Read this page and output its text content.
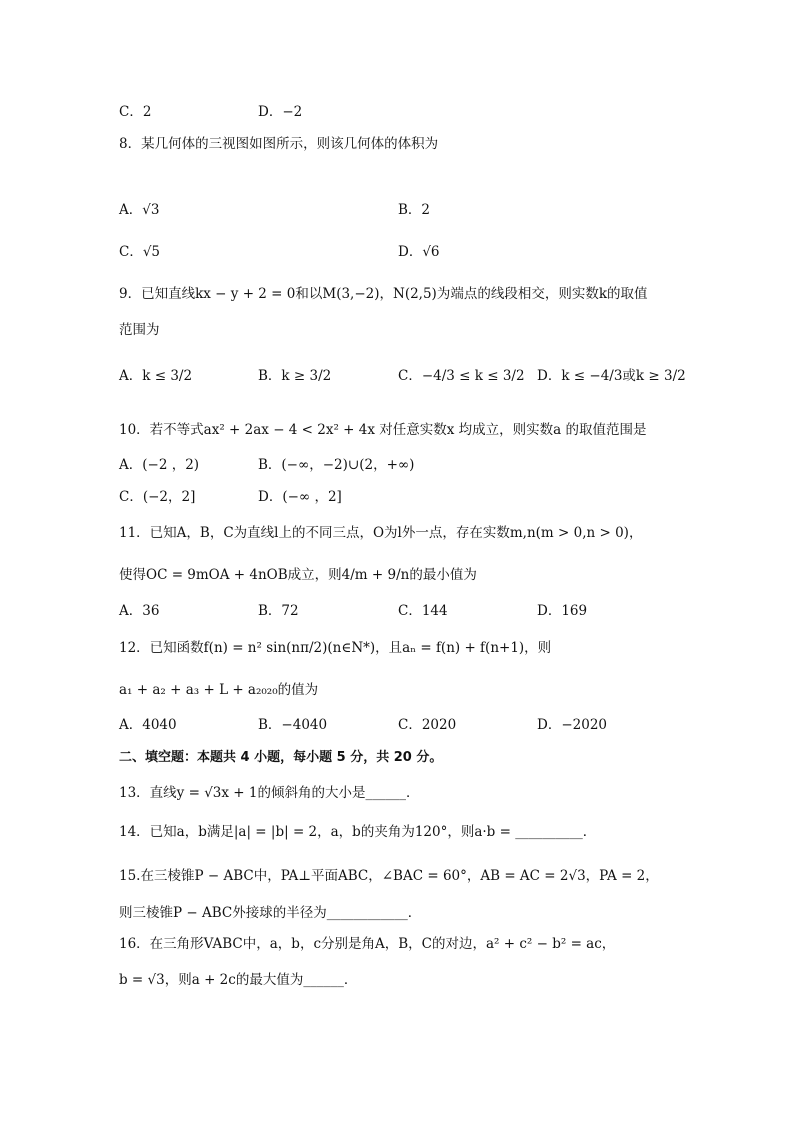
C．2	D．−2
8．某几何体的三视图如图所示，则该几何体的体积为
A．√3	B．2
C．√5	D．√6
9．已知直线kx − y + 2 = 0和以M(3,−2)，N(2,5)为端点的线段相交，则实数k的取值
范围为
A．k ≤ 3/2	B．k ≥ 3/2	C．−4/3 ≤ k ≤ 3/2 D．k ≤ −4/3或k ≥ 3/2
10．若不等式ax² + 2ax − 4 < 2x² + 4x 对任意实数x 均成立，则实数a 的取值范围是
A．(−2 ，2)	B．(−∞，−2)∪(2，+∞)
C．(−2，2]	D．(−∞ ，2]
11．已知A，B，C为直线l上的不同三点，O为l外一点，存在实数m,n(m > 0,n > 0)，
使得OC = 9mOA + 4nOB成立，则4/m + 9/n的最小值为
A．36	B．72	C．144	D．169
12．已知函数f(n) = n² sin(nπ/2)(n∈N*)，且aₙ = f(n) + f(n+1)，则
a₁ + a₂ + a₃ + L + a₂₀₂₀的值为
A．4040	B．−4040	C．2020	D．−2020
二、填空题：本题共 4 小题，每小题 5 分，共 20 分。
13．直线y = √3x + 1的倾斜角的大小是______．
14．已知a，b满足|a| = |b| = 2，a，b的夹角为120°，则a·b = __________．
15.在三棱锥P − ABC中，PA⊥平面ABC，∠BAC = 60°，AB = AC = 2√3，PA = 2，
则三棱锥P − ABC外接球的半径为____________．
16．在三角形VABC中，a，b，c分别是角A，B，C的对边，a² + c² − b² = ac，
b = √3，则a + 2c的最大值为______．
